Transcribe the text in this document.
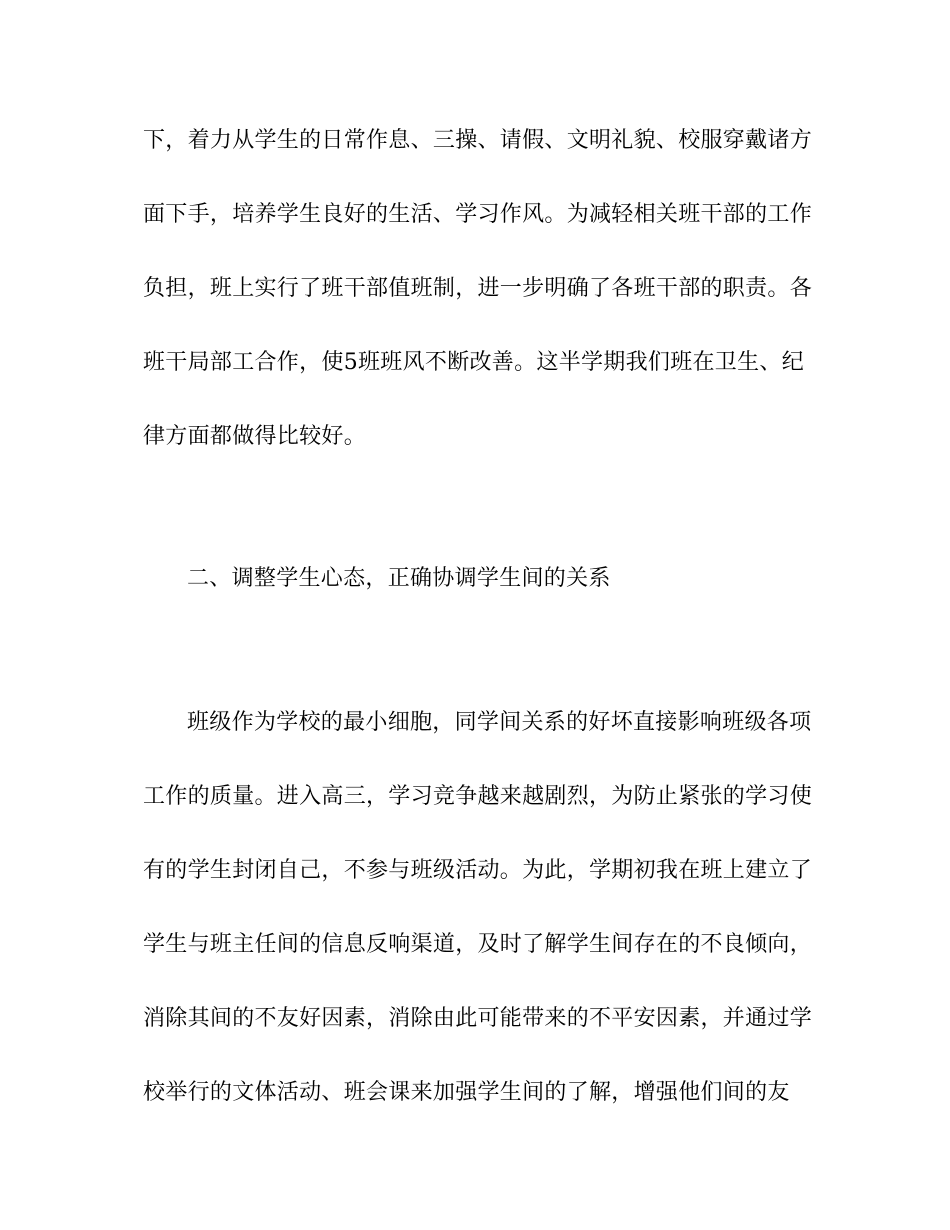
下，着力从学生的日常作息、三操、请假、文明礼貌、校服穿戴诸方
面下手，培养学生良好的生活、学习作风。为减轻相关班干部的工作
负担，班上实行了班干部值班制，进一步明确了各班干部的职责。各
班干局部工合作，使5班班风不断改善。这半学期我们班在卫生、纪
律方面都做得比较好。
二、调整学生心态，正确协调学生间的关系
班级作为学校的最小细胞，同学间关系的好坏直接影响班级各项
工作的质量。进入高三，学习竞争越来越剧烈，为防止紧张的学习使
有的学生封闭自己，不参与班级活动。为此，学期初我在班上建立了
学生与班主任间的信息反响渠道，及时了解学生间存在的不良倾向，
消除其间的不友好因素，消除由此可能带来的不平安因素，并通过学
校举行的文体活动、班会课来加强学生间的了解，增强他们间的友
